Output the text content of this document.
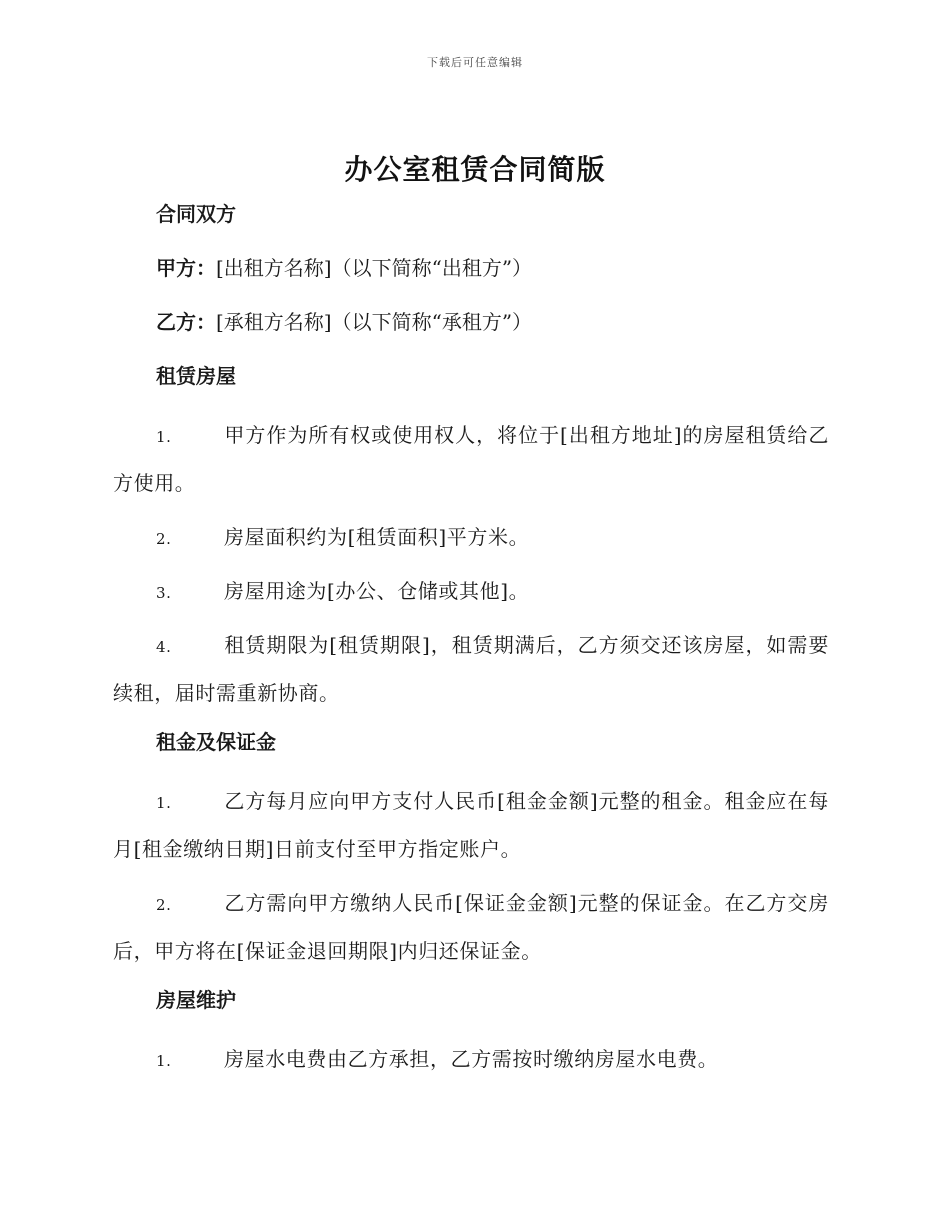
下载后可任意编辑
办公室租赁合同简版
合同双方
甲方：[出租方名称]（以下简称“出租方”）
乙方：[承租方名称]（以下简称“承租方”）
租赁房屋

1.	甲方作为所有权或使用权人，将位于[出租方地址]的房屋租赁给乙方使用。

2.	房屋面积约为[租赁面积]平方米。

3.	房屋用途为[办公、仓储或其他]。

4.	租赁期限为[租赁期限]，租赁期满后，乙方须交还该房屋，如需要续租，届时需重新协商。

租金及保证金

1.	乙方每月应向甲方支付人民币[租金金额]元整的租金。租金应在每月[租金缴纳日期]日前支付至甲方指定账户。

2.	乙方需向甲方缴纳人民币[保证金金额]元整的保证金。在乙方交房后，甲方将在[保证金退回期限]内归还保证金。

房屋维护

1.	房屋水电费由乙方承担，乙方需按时缴纳房屋水电费。
